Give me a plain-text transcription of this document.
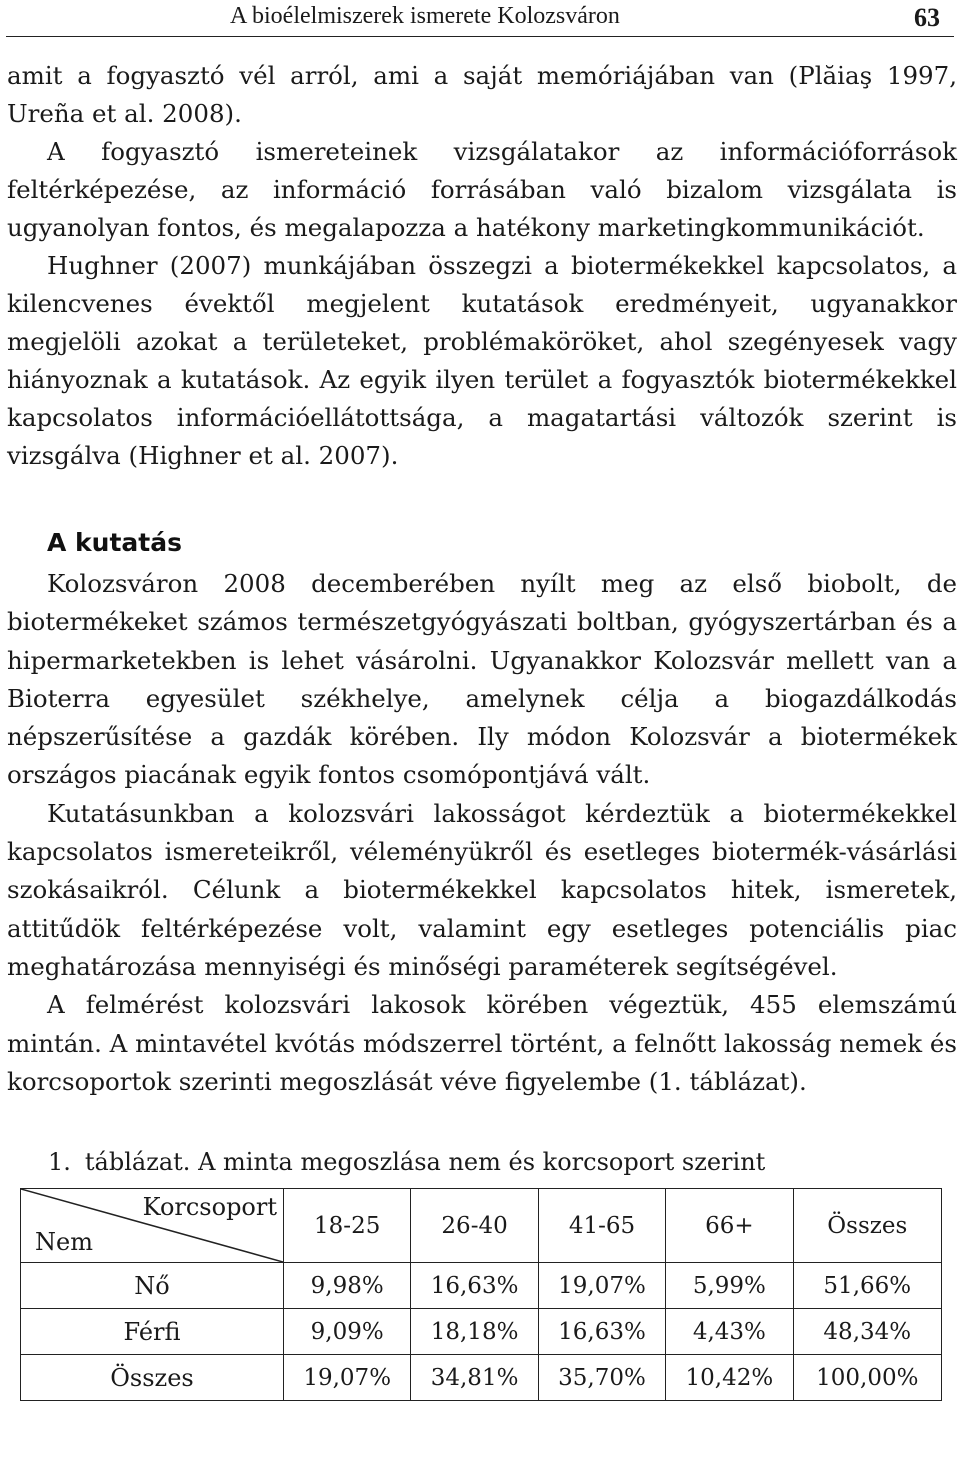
A bioélelmiszerek ismerete Kolozsváron	63

amit a fogyasztó vél arról, ami a saját memóriájában van (Plăiaş 1997, Ureña et al. 2008).

A fogyasztó ismereteinek vizsgálatakor az információforrások feltérképezése, az információ forrásában való bizalom vizsgálata is ugyanolyan fontos, és megalapozza a hatékony marketingkommunikációt.

Hughner (2007) munkájában összegzi a biotermékekkel kapcsolatos, a kilencvenes évektől megjelent kutatások eredményeit, ugyanakkor megjelöli azokat a területeket, problémaköröket, ahol szegényesek vagy hiányoznak a kutatások. Az egyik ilyen terület a fogyasztók biotermékekkel kapcsolatos információellátottsága, a magatartási változók szerint is vizsgálva (Highner et al. 2007).

A kutatás

Kolozsváron 2008 decemberében nyílt meg az első biobolt, de biotermékeket számos természetgyógyászati boltban, gyógyszertárban és a hipermarketekben is lehet vásárolni. Ugyanakkor Kolozsvár mellett van a Bioterra egyesület székhelye, amelynek célja a biogazdálkodás népszerűsítése a gazdák körében. Ily módon Kolozsvár a biotermékek országos piacának egyik fontos csomópontjává vált.

Kutatásunkban a kolozsvári lakosságot kérdeztük a biotermékekkel kapcsolatos ismereteikről, véleményükről és esetleges biotermék-vásárlási szokásaikról. Célunk a biotermékekkel kapcsolatos hitek, ismeretek, attitűdök feltérképezése volt, valamint egy esetleges potenciális piac meghatározása mennyiségi és minőségi paraméterek segítségével.

A felmérést kolozsvári lakosok körében végeztük, 455 elemszámú mintán. A mintavétel kvótás módszerrel történt, a felnőtt lakosság nemek és korcsoportok szerinti megoszlását véve figyelembe (1. táblázat).

1. táblázat. A minta megoszlása nem és korcsoport szerint
Korcsoport
Nem	18-25	26-40	41-65	66+	Összes
Nő	9,98%	16,63%	19,07%	5,99%	51,66%
Férfi	9,09%	18,18%	16,63%	4,43%	48,34%
Összes	19,07%	34,81%	35,70%	10,42%	100,00%
